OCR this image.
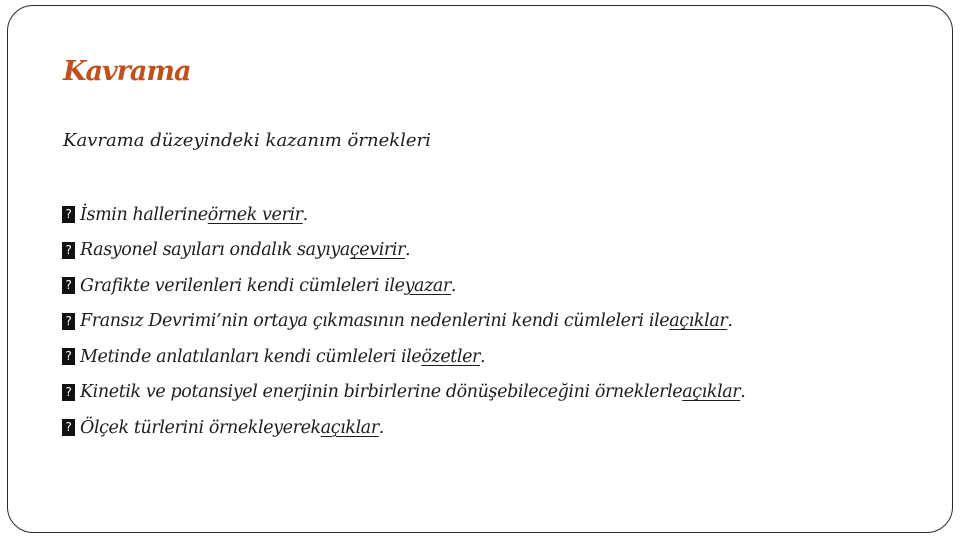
Kavrama

Kavrama düzeyindeki kazanım örnekleri

? İsmin hallerine örnek verir .
? Rasyonel sayıları ondalık sayıya çevirir .
? Grafikte verilenleri kendi cümleleri ile yazar .
? Fransız Devrimi’nin ortaya çıkmasının nedenlerini kendi cümleleri ile açıklar .
? Metinde anlatılanları kendi cümleleri ile özetler .
? Kinetik ve potansiyel enerjinin birbirlerine dönüşebileceğini örneklerle açıklar .
? Ölçek türlerini örnekleyerek açıklar .
